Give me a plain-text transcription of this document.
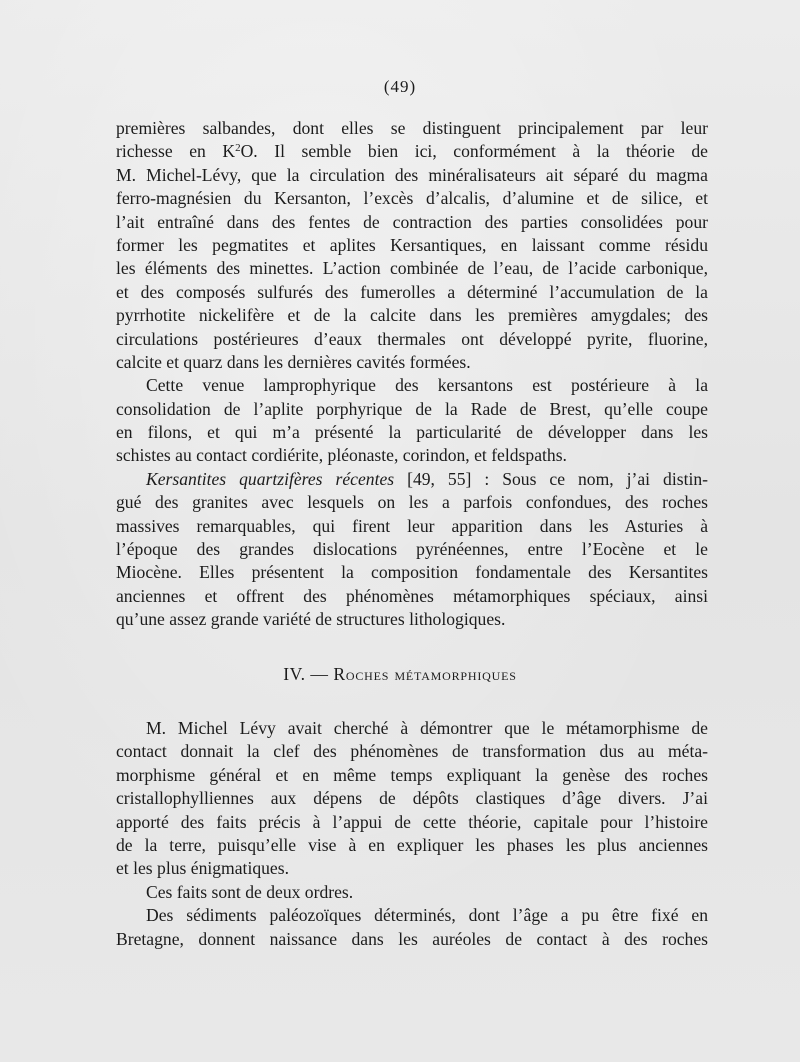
(49)
premières salbandes, dont elles se distinguent principalement par leur
richesse en $K^2O$. Il semble bien ici, conformément à la théorie de
M. Michel-Lévy, que la circulation des minéralisateurs ait séparé du magma
ferro-magnésien du Kersanton, l’excès d’alcalis, d’alumine et de silice, et
l’ait entraîné dans des fentes de contraction des parties consolidées pour
former les pegmatites et aplites Kersantiques, en laissant comme résidu
les éléments des minettes. L’action combinée de l’eau, de l’acide carbonique,
et des composés sulfurés des fumerolles a déterminé l’accumulation de la
pyrrhotite nickelifère et de la calcite dans les premières amygdales; des
circulations postérieures d’eaux thermales ont développé pyrite, fluorine,
calcite et quarz dans les dernières cavités formées.
Cette venue lamprophyrique des kersantons est postérieure à la
consolidation de l’aplite porphyrique de la Rade de Brest, qu’elle coupe
en filons, et qui m’a présenté la particularité de développer dans les
schistes au contact cordiérite, pléonaste, corindon, et feldspaths.
Kersantites quartzifères récentes [49, 55] : Sous ce nom, j’ai distin-
gué des granites avec lesquels on les a parfois confondues, des roches
massives remarquables, qui firent leur apparition dans les Asturies à
l’époque des grandes dislocations pyrénéennes, entre l’Eocène et le
Miocène. Elles présentent la composition fondamentale des Kersantites
anciennes et offrent des phénomènes métamorphiques spéciaux, ainsi
qu’une assez grande variété de structures lithologiques.
IV. — Roches métamorphiques
M. Michel Lévy avait cherché à démontrer que le métamorphisme de
contact donnait la clef des phénomènes de transformation dus au méta-
morphisme général et en même temps expliquant la genèse des roches
cristallophylliennes aux dépens de dépôts clastiques d’âge divers. J’ai
apporté des faits précis à l’appui de cette théorie, capitale pour l’histoire
de la terre, puisqu’elle vise à en expliquer les phases les plus anciennes
et les plus énigmatiques.
Ces faits sont de deux ordres.
Des sédiments paléozoïques déterminés, dont l’âge a pu être fixé en
Bretagne, donnent naissance dans les auréoles de contact à des roches
